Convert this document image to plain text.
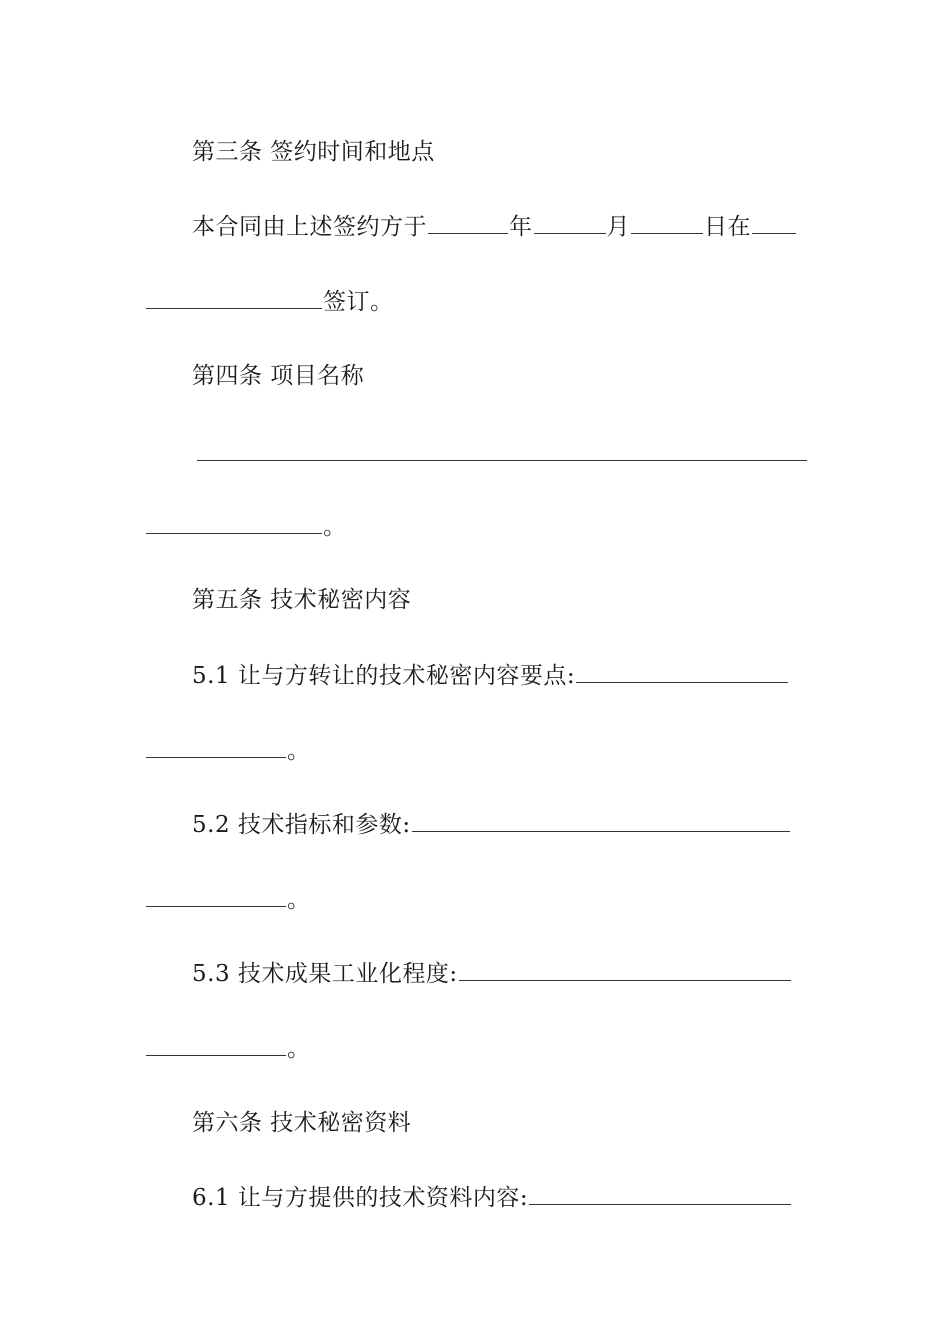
第三条 签约时间和地点
本合同由上述签约方于	年	月	日在
签订。
第四条 项目名称
。
第五条 技术秘密内容
5.1 让与方转让的技术秘密内容要点:
。
5.2 技术指标和参数:
。
5.3 技术成果工业化程度:
。
第六条 技术秘密资料
6.1 让与方提供的技术资料内容:
